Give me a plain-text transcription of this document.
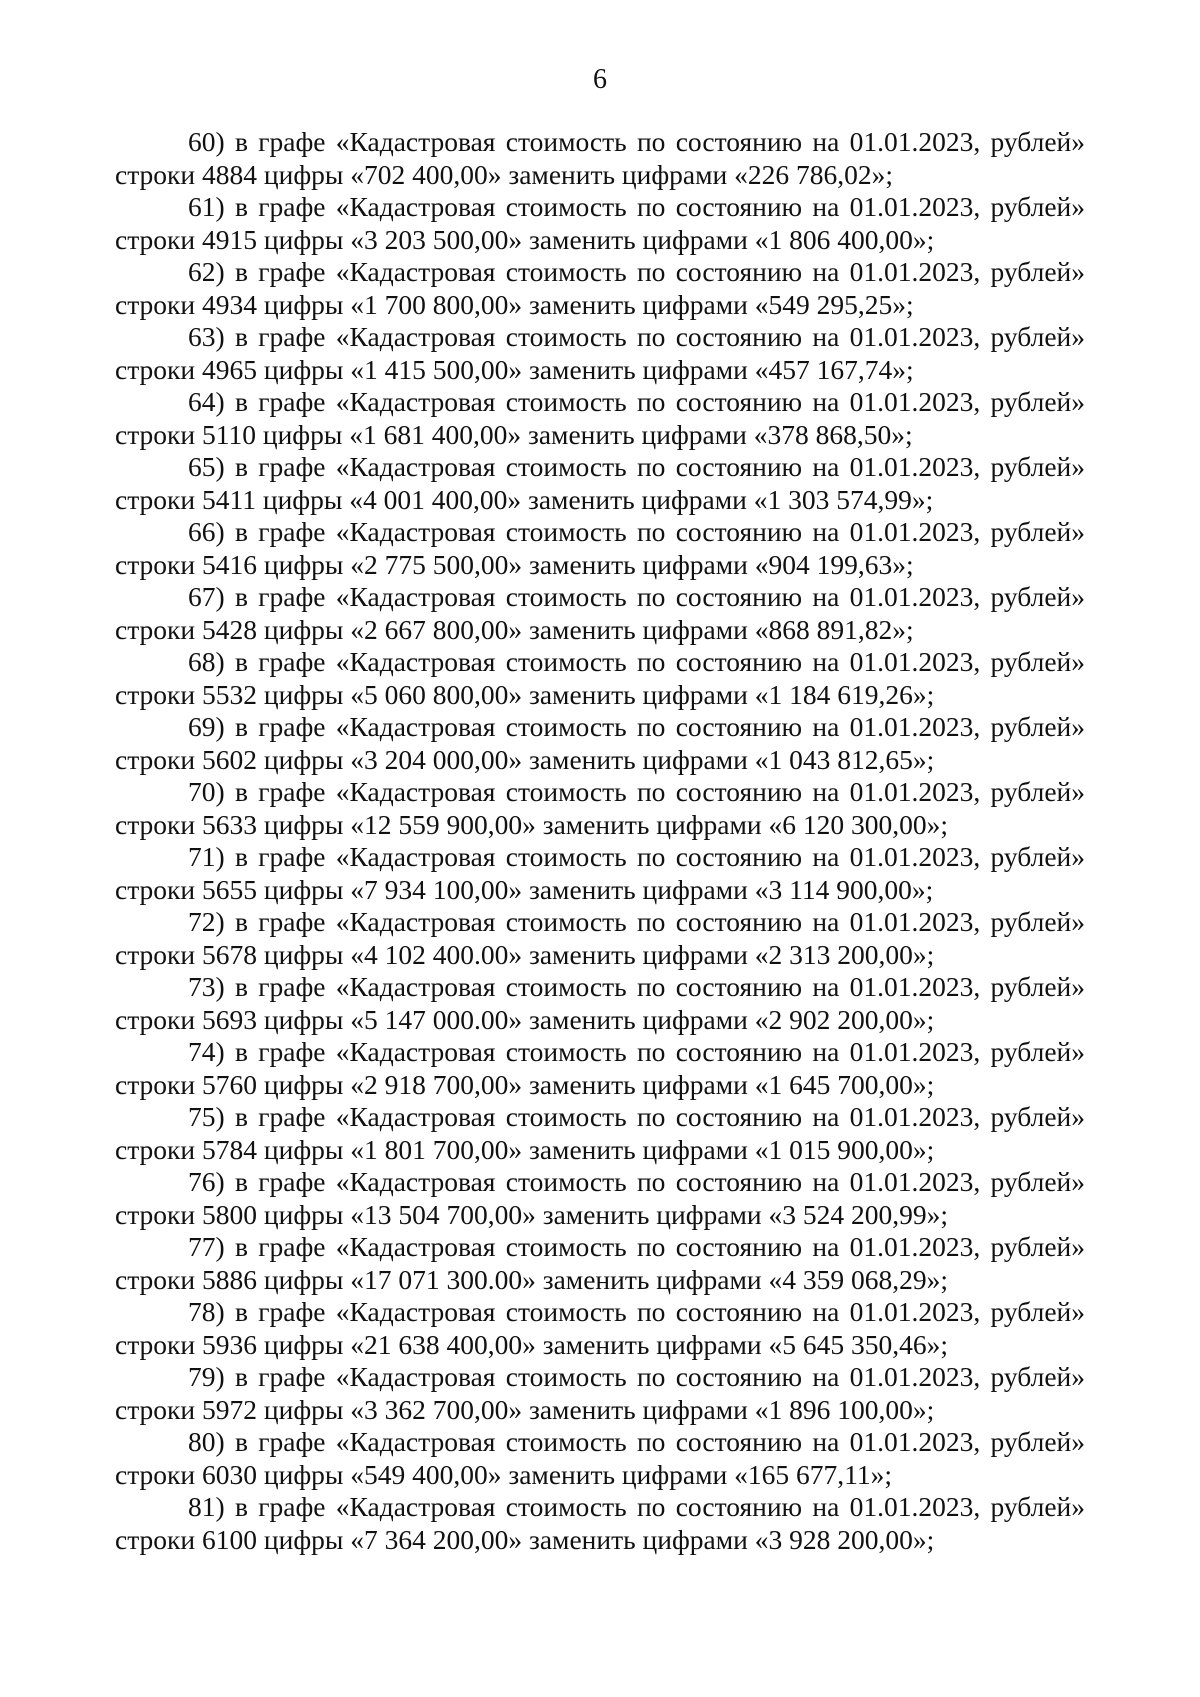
6
60) в графе «Кадастровая стоимость по состоянию на 01.01.2023, рублей»
строки 4884 цифры «702 400,00» заменить цифрами «226 786,02»;
61) в графе «Кадастровая стоимость по состоянию на 01.01.2023, рублей»
строки 4915 цифры «3 203 500,00» заменить цифрами «1 806 400,00»;
62) в графе «Кадастровая стоимость по состоянию на 01.01.2023, рублей»
строки 4934 цифры «1 700 800,00» заменить цифрами «549 295,25»;
63) в графе «Кадастровая стоимость по состоянию на 01.01.2023, рублей»
строки 4965 цифры «1 415 500,00» заменить цифрами «457 167,74»;
64) в графе «Кадастровая стоимость по состоянию на 01.01.2023, рублей»
строки 5110 цифры «1 681 400,00» заменить цифрами «378 868,50»;
65) в графе «Кадастровая стоимость по состоянию на 01.01.2023, рублей»
строки 5411 цифры «4 001 400,00» заменить цифрами «1 303 574,99»;
66) в графе «Кадастровая стоимость по состоянию на 01.01.2023, рублей»
строки 5416 цифры «2 775 500,00» заменить цифрами «904 199,63»;
67) в графе «Кадастровая стоимость по состоянию на 01.01.2023, рублей»
строки 5428 цифры «2 667 800,00» заменить цифрами «868 891,82»;
68) в графе «Кадастровая стоимость по состоянию на 01.01.2023, рублей»
строки 5532 цифры «5 060 800,00» заменить цифрами «1 184 619,26»;
69) в графе «Кадастровая стоимость по состоянию на 01.01.2023, рублей»
строки 5602 цифры «3 204 000,00» заменить цифрами «1 043 812,65»;
70) в графе «Кадастровая стоимость по состоянию на 01.01.2023, рублей»
строки 5633 цифры «12 559 900,00» заменить цифрами «6 120 300,00»;
71) в графе «Кадастровая стоимость по состоянию на 01.01.2023, рублей»
строки 5655 цифры «7 934 100,00» заменить цифрами «3 114 900,00»;
72) в графе «Кадастровая стоимость по состоянию на 01.01.2023, рублей»
строки 5678 цифры «4 102 400.00» заменить цифрами «2 313 200,00»;
73) в графе «Кадастровая стоимость по состоянию на 01.01.2023, рублей»
строки 5693 цифры «5 147 000.00» заменить цифрами «2 902 200,00»;
74) в графе «Кадастровая стоимость по состоянию на 01.01.2023, рублей»
строки 5760 цифры «2 918 700,00» заменить цифрами «1 645 700,00»;
75) в графе «Кадастровая стоимость по состоянию на 01.01.2023, рублей»
строки 5784 цифры «1 801 700,00» заменить цифрами «1 015 900,00»;
76) в графе «Кадастровая стоимость по состоянию на 01.01.2023, рублей»
строки 5800 цифры «13 504 700,00» заменить цифрами «3 524 200,99»;
77) в графе «Кадастровая стоимость по состоянию на 01.01.2023, рублей»
строки 5886 цифры «17 071 300.00» заменить цифрами «4 359 068,29»;
78) в графе «Кадастровая стоимость по состоянию на 01.01.2023, рублей»
строки 5936 цифры «21 638 400,00» заменить цифрами «5 645 350,46»;
79) в графе «Кадастровая стоимость по состоянию на 01.01.2023, рублей»
строки 5972 цифры «3 362 700,00» заменить цифрами «1 896 100,00»;
80) в графе «Кадастровая стоимость по состоянию на 01.01.2023, рублей»
строки 6030 цифры «549 400,00» заменить цифрами «165 677,11»;
81) в графе «Кадастровая стоимость по состоянию на 01.01.2023, рублей»
строки 6100 цифры «7 364 200,00» заменить цифрами «3 928 200,00»;
